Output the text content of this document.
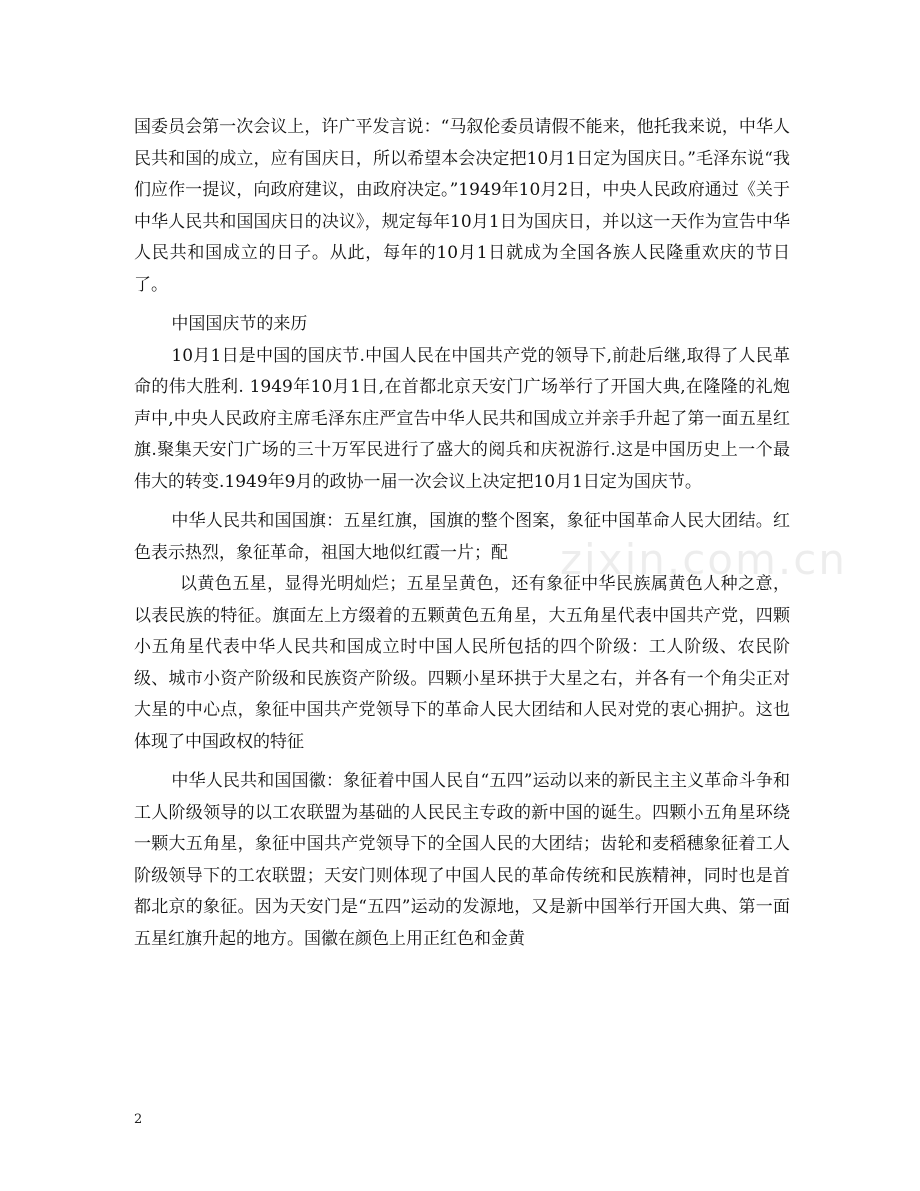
国委员会第一次会议上，许广平发言说：“马叙伦委员请假不能来，他托我来说，中华人民共和国的成立，应有国庆日，所以希望本会决定把10月1日定为国庆日。”毛泽东说“我们应作一提议，向政府建议，由政府决定。”1949年10月2日，中央人民政府通过《关于中华人民共和国国庆日的决议》，规定每年10月1日为国庆日，并以这一天作为宣告中华人民共和国成立的日子。从此，每年的10月1日就成为全国各族人民隆重欢庆的节日了。

中国国庆节的来历

10月1日是中国的国庆节.中国人民在中国共产党的领导下,前赴后继,取得了人民革命的伟大胜利. 1949年10月1日,在首都北京天安门广场举行了开国大典,在隆隆的礼炮声中,中央人民政府主席毛泽东庄严宣告中华人民共和国成立并亲手升起了第一面五星红旗.聚集天安门广场的三十万军民进行了盛大的阅兵和庆祝游行.这是中国历史上一个最伟大的转变.1949年9月的政协一届一次会议上决定把10月1日定为国庆节。

中华人民共和国国旗：五星红旗，国旗的整个图案，象征中国革命人民大团结。红色表示热烈，象征革命，祖国大地似红霞一片；配

以黄色五星，显得光明灿烂；五星呈黄色，还有象征中华民族属黄色人种之意，以表民族的特征。旗面左上方缀着的五颗黄色五角星，大五角星代表中国共产党，四颗小五角星代表中华人民共和国成立时中国人民所包括的四个阶级：工人阶级、农民阶级、城市小资产阶级和民族资产阶级。四颗小星环拱于大星之右，并各有一个角尖正对大星的中心点，象征中国共产党领导下的革命人民大团结和人民对党的衷心拥护。这也体现了中国政权的特征

中华人民共和国国徽：象征着中国人民自“五四”运动以来的新民主主义革命斗争和工人阶级领导的以工农联盟为基础的人民民主专政的新中国的诞生。四颗小五角星环绕一颗大五角星，象征中国共产党领导下的全国人民的大团结；齿轮和麦稻穗象征着工人阶级领导下的工农联盟；天安门则体现了中国人民的革命传统和民族精神，同时也是首都北京的象征。因为天安门是“五四”运动的发源地，又是新中国举行开国大典、第一面五星红旗升起的地方。国徽在颜色上用正红色和金黄

zixin.com.cn
2
